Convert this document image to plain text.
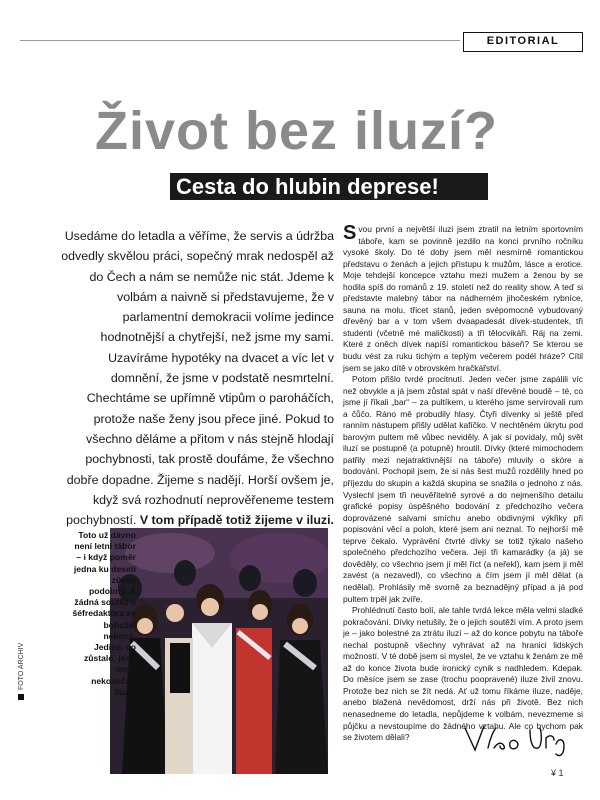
EDITORIAL
Život bez iluzí?
Cesta do hlubin deprese!
Usedáme do letadla a věříme, že servis a údržba odvedly skvělou práci, sopečný mrak nedospěl až do Čech a nám se nemůže nic stát. Jdeme k volbám a naivně si představujeme, že v parlamentní demokracii volíme jedince hodnotnější a chytřejší, než jsme my sami. Uzavíráme hypotéky na dvacet a víc let v domnění, že jsme v podstatě nesmrtelní. Chechtáme se upřímně vtipům o paroháčích, protože naše ženy jsou přece jiné. Pokud to všechno děláme a přitom v nás stejně hlodají pochybnosti, tak prostě doufáme, že všechno dobře dopadne. Žijeme s nadějí. Horší ovšem je, když svá rozhodnutí neprověřeneme testem pochybností. V tom případě totiž žijeme v iluzi.

Svou první a největší iluzi jsem ztratil na letním sportovním táboře, kam se povinně jezdilo na konci prvního ročníku vysoké školy. Do té doby jsem měl nesmírně romantickou představu o ženách a jejich přístupu k mužům, lásce a erotice. Moje tehdejší koncepce vztahu mezi mužem a ženou by se hodila spíš do románů z 19. století než do reality show. A teď si představte malebný tábor na nádherném jihočeském rybníce, sauna na molu, třicet stanů, jeden svépomocně vybudovaný dřevěný bar a v tom všem dvaapadesát dívek-studentek, tři studenti (včetně mé maličkosti) a tři tělocvikáři. Ráj na zemi. Které z oněch dívek napíší romantickou báseň? Se kterou se budu vést za ruku tichým a teplým večerem podél hráze? Cítil jsem se jako dítě v obrovském hračkářství.

Potom přišlo tvrdé procitnutí. Jeden večer jsme zapálili víc než obvykle a já jsem zůstal spát v naší dřevěné boudě – té, co jsme jí říkali „bar“ – za pultíkem, u kterého jsme servírovali rum a čůčo. Ráno mě probudily hlasy. Čtyři dívenky si ještě před ranním nástupem přišly udělat kafíčko. V nechtěném úkrytu pod barovým pultem mě vůbec neviděly. A jak si povídaly, můj svět iluzí se postupně (a potupně) hroutil. Dívky (které mimochodem patřily mezi nejatraktivnější na táboře) mluvily o skóre a bodování. Pochopil jsem, že si nás šest mužů rozdělily hned po příjezdu do skupin a každá skupina se snažila o jednoho z nás. Vyslechl jsem tři neuvěřitelně syrové a do nejmenšího detailu grafické popisy úspěšného bodování z předchozího večera doprovázené salvami smíchu anebo obdivnými výkřiky při popisování věcí a poloh, které jsem ani neznal. To nejhorší mě teprve čekalo. Vyprávění čtvrté dívky se totiž týkalo našeho společného předchozího večera. Její tři kamarádky (a já) se dověděly, co všechno jsem jí měl říct (a neřekl), kam jsem ji měl zavést (a nezavedl), co všechno a čím jsem jí měl dělat (a nedělal). Prohlásily mě svorně za beznadějný případ a já pod pultem trpěl jak zvíře.

Prohlédnutí často bolí, ale tahle tvrdá lekce měla velmi sladké pokračování. Dívky netušily, že o jejich soutěži vím. A proto jsem je – jako bolestné za ztrátu iluzí – až do konce pobytu na táboře nechal postupně všechny vyhrávat až na hranici lidských možností. V té době jsem si myslel, že ve vztahu k ženám ze mě až do konce života bude ironický cynik s nadhledem. Kdepak. Do měsíce jsem se zase (trochu poopravené) iluze živil znovu. Protože bez nich se žít nedá. Ať už tomu říkáme iluze, naděje, anebo blažená nevědomost, drží nás při životě. Bez nich nenasedneme do letadla, nepůjdeme k volbám, nevezmeme si půjčku a nevstoupíme do žádného vztahu. Ale co bychom pak se životem dělali?

Toto už dávno není letní tábor – i když poměr jedna ku deseti zůstal podobný. A žádná soutěž o šéfredaktora se bohužel nekoná. Jediné, co zůstalo, jsou moje nekonečné iluze.
FOTO ARCHIV
¥ 1
